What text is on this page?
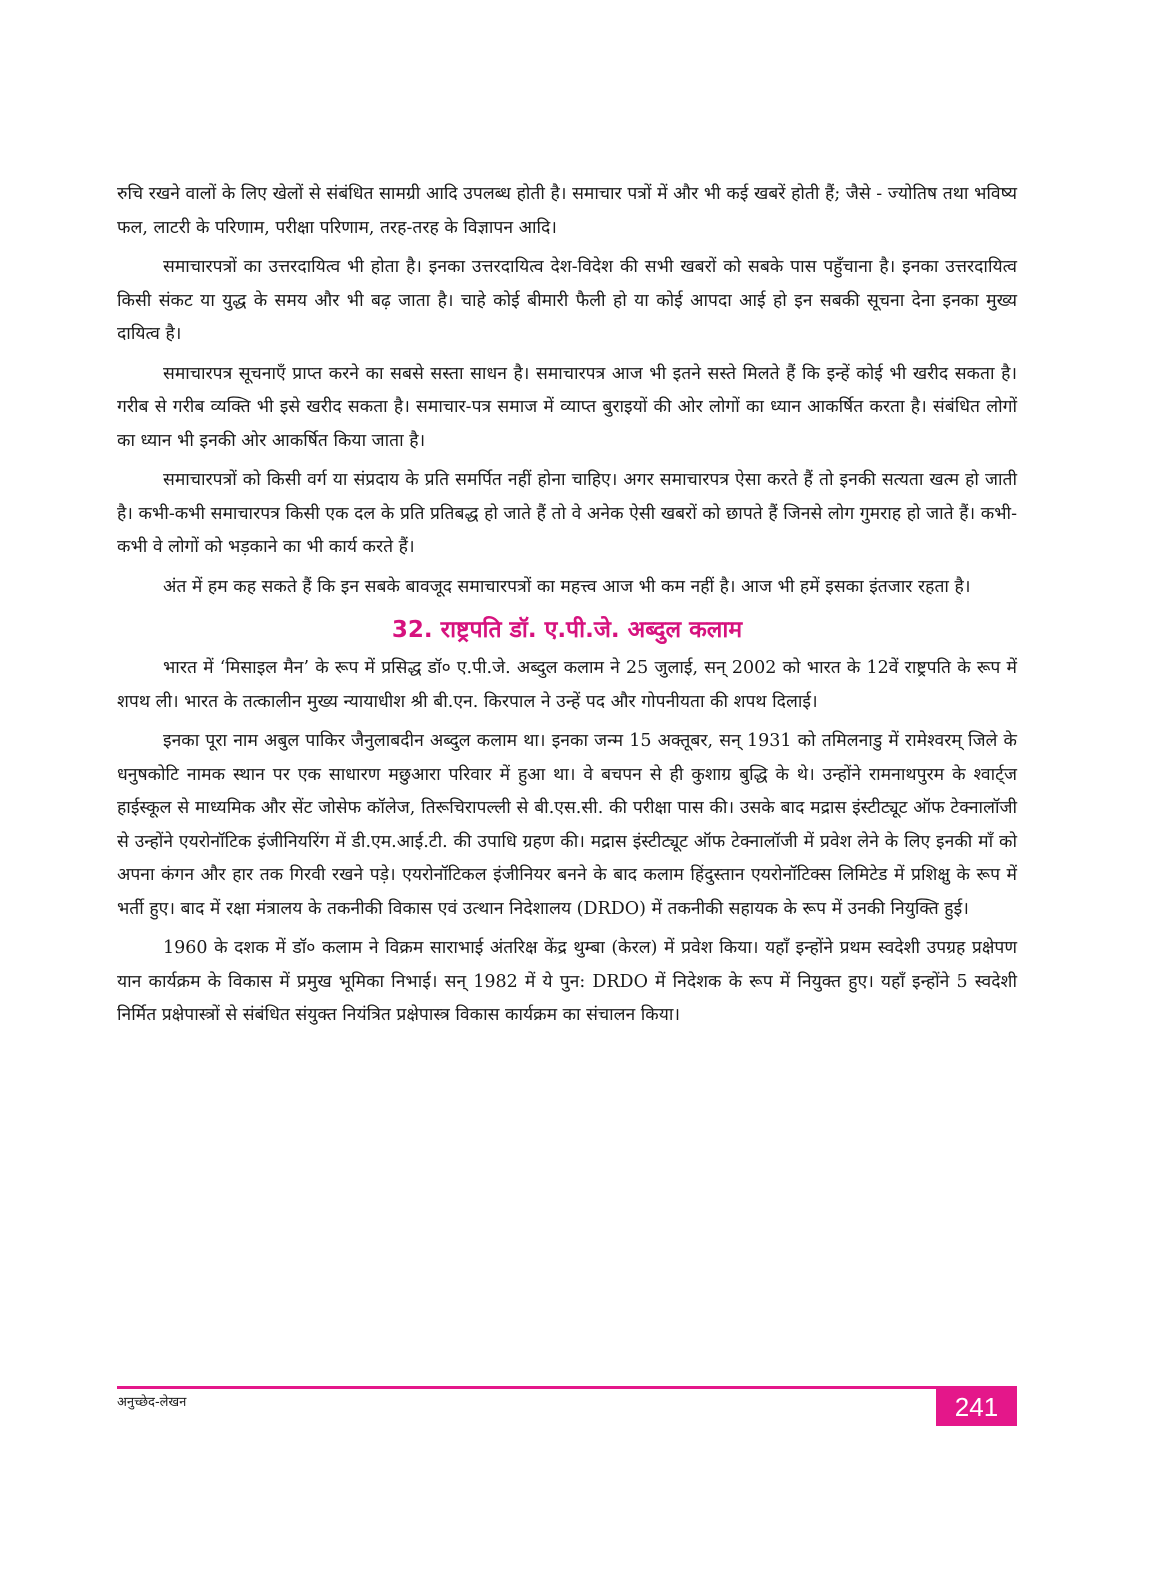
रुचि रखने वालों के लिए खेलों से संबंधित सामग्री आदि उपलब्ध होती है। समाचार पत्रों में और भी कई खबरें होती हैं; जैसे - ज्योतिष तथा भविष्य फल, लाटरी के परिणाम, परीक्षा परिणाम, तरह-तरह के विज्ञापन आदि।

समाचारपत्रों का उत्तरदायित्व भी होता है। इनका उत्तरदायित्व देश-विदेश की सभी खबरों को सबके पास पहुँचाना है। इनका उत्तरदायित्व किसी संकट या युद्ध के समय और भी बढ़ जाता है। चाहे कोई बीमारी फैली हो या कोई आपदा आई हो इन सबकी सूचना देना इनका मुख्य दायित्व है।

समाचारपत्र सूचनाएँ प्राप्त करने का सबसे सस्ता साधन है। समाचारपत्र आज भी इतने सस्ते मिलते हैं कि इन्हें कोई भी खरीद सकता है। गरीब से गरीब व्यक्ति भी इसे खरीद सकता है। समाचार-पत्र समाज में व्याप्त बुराइयों की ओर लोगों का ध्यान आकर्षित करता है। संबंधित लोगों का ध्यान भी इनकी ओर आकर्षित किया जाता है।

समाचारपत्रों को किसी वर्ग या संप्रदाय के प्रति समर्पित नहीं होना चाहिए। अगर समाचारपत्र ऐसा करते हैं तो इनकी सत्यता खत्म हो जाती है। कभी-कभी समाचारपत्र किसी एक दल के प्रति प्रतिबद्ध हो जाते हैं तो वे अनेक ऐसी खबरों को छापते हैं जिनसे लोग गुमराह हो जाते हैं। कभी-कभी वे लोगों को भड़काने का भी कार्य करते हैं।

अंत में हम कह सकते हैं कि इन सबके बावजूद समाचारपत्रों का महत्त्व आज भी कम नहीं है। आज भी हमें इसका इंतजार रहता है।

32. राष्ट्रपति डॉ. ए.पी.जे. अब्दुल कलाम

भारत में ‘मिसाइल मैन’ के रूप में प्रसिद्ध डॉ० ए.पी.जे. अब्दुल कलाम ने 25 जुलाई, सन् 2002 को भारत के 12वें राष्ट्रपति के रूप में शपथ ली। भारत के तत्कालीन मुख्य न्यायाधीश श्री बी.एन. किरपाल ने उन्हें पद और गोपनीयता की शपथ दिलाई।

इनका पूरा नाम अबुल पाकिर जैनुलाबदीन अब्दुल कलाम था। इनका जन्म 15 अक्तूबर, सन् 1931 को तमिलनाडु में रामेश्वरम् जिले के धनुषकोटि नामक स्थान पर एक साधारण मछुआरा परिवार में हुआ था। वे बचपन से ही कुशाग्र बुद्धि के थे। उन्होंने रामनाथपुरम के श्वार्ट्ज हाईस्कूल से माध्यमिक और सेंट जोसेफ कॉलेज, तिरूचिरापल्ली से बी.एस.सी. की परीक्षा पास की। उसके बाद मद्रास इंस्टीट्यूट ऑफ टेक्नालॉजी से उन्होंने एयरोनॉटिक इंजीनियरिंग में डी.एम.आई.टी. की उपाधि ग्रहण की। मद्रास इंस्टीट्यूट ऑफ टेक्नालॉजी में प्रवेश लेने के लिए इनकी माँ को अपना कंगन और हार तक गिरवी रखने पड़े। एयरोनॉटिकल इंजीनियर बनने के बाद कलाम हिंदुस्तान एयरोनॉटिक्स लिमिटेड में प्रशिक्षु के रूप में भर्ती हुए। बाद में रक्षा मंत्रालय के तकनीकी विकास एवं उत्थान निदेशालय (DRDO) में तकनीकी सहायक के रूप में उनकी नियुक्ति हुई।

1960 के दशक में डॉ० कलाम ने विक्रम साराभाई अंतरिक्ष केंद्र थुम्बा (केरल) में प्रवेश किया। यहाँ इन्होंने प्रथम स्वदेशी उपग्रह प्रक्षेपण यान कार्यक्रम के विकास में प्रमुख भूमिका निभाई। सन् 1982 में ये पुन: DRDO में निदेशक के रूप में नियुक्त हुए। यहाँ इन्होंने 5 स्वदेशी निर्मित प्रक्षेपास्त्रों से संबंधित संयुक्त नियंत्रित प्रक्षेपास्त्र विकास कार्यक्रम का संचालन किया।

अनुच्छेद-लेखन	241
